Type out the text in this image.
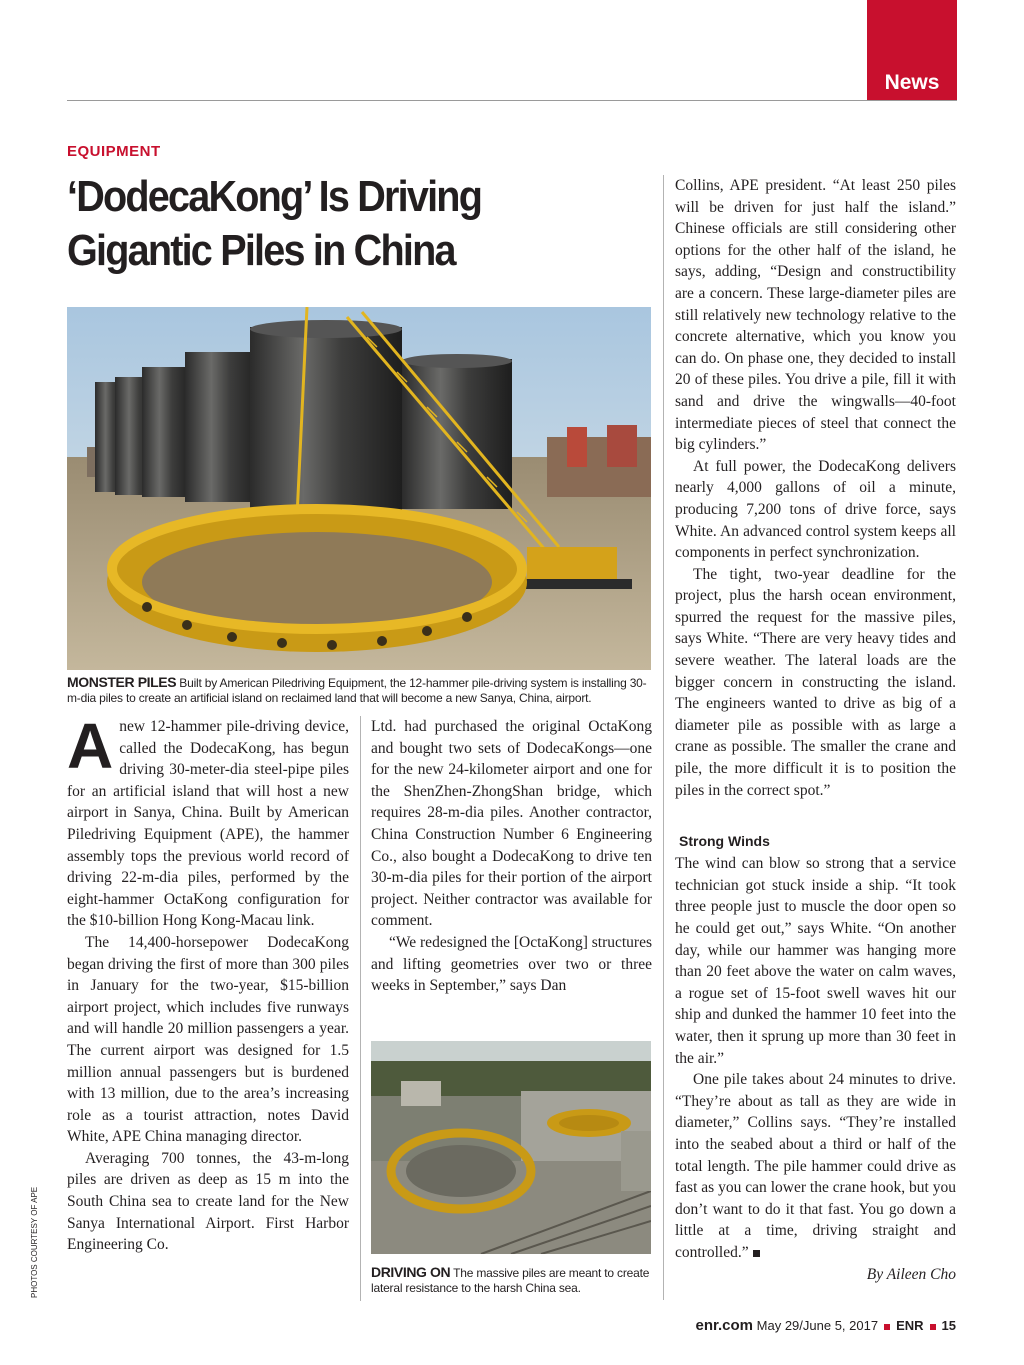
News
EQUIPMENT
‘DodecaKong’ Is Driving Gigantic Piles in China
MONSTER PILES Built by American Piledriving Equipment, the 12-hammer pile-driving system is installing 30-m-dia piles to create an artificial island on reclaimed land that will become a new Sanya, China, airport.
A new 12-hammer pile-driving device, called the DodecaKong, has begun driving 30-meter-dia steel-pipe piles for an artificial island that will host a new airport in Sanya, China. Built by American Piledriving Equipment (APE), the hammer assembly tops the previous world record of driving 22-m-dia piles, performed by the eight-hammer OctaKong configuration for the $10-billion Hong Kong-Macau link.

The 14,400-horsepower DodecaKong began driving the first of more than 300 piles in January for the two-year, $15-billion airport project, which includes five runways and will handle 20 million passengers a year. The current airport was designed for 1.5 million annual passengers but is burdened with 13 million, due to the area’s increasing role as a tourist attraction, notes David White, APE China managing director.

Averaging 700 tonnes, the 43-m-long piles are driven as deep as 15 m into the South China sea to create land for the New Sanya International Airport. First Harbor Engineering Co.

Ltd. had purchased the original OctaKong and bought two sets of DodecaKongs—one for the new 24-kilometer airport and one for the ShenZhen-ZhongShan bridge, which requires 28-m-dia piles. Another contractor, China Construction Number 6 Engineering Co., also bought a DodecaKong to drive ten 30-m-dia piles for their portion of the airport project. Neither contractor was available for comment.

“We redesigned the [OctaKong] structures and lifting geometries over two or three weeks in September,” says Dan

DRIVING ON The massive piles are meant to create lateral resistance to the harsh China sea.

Collins, APE president. “At least 250 piles will be driven for just half the island.” Chinese officials are still considering other options for the other half of the island, he says, adding, “Design and constructibility are a concern. These large-diameter piles are still relatively new technology relative to the concrete alternative, which you know you can do. On phase one, they decided to install 20 of these piles. You drive a pile, fill it with sand and drive the wingwalls—40-foot intermediate pieces of steel that connect the big cylinders.”

At full power, the DodecaKong delivers nearly 4,000 gallons of oil a minute, producing 7,200 tons of drive force, says White. An advanced control system keeps all components in perfect synchronization.

The tight, two-year deadline for the project, plus the harsh ocean environment, spurred the request for the massive piles, says White. “There are very heavy tides and severe weather. The lateral loads are the bigger concern in constructing the island. The engineers wanted to drive as big of a diameter pile as possible with as large a crane as possible. The smaller the crane and pile, the more difficult it is to position the piles in the correct spot.”

Strong Winds

The wind can blow so strong that a service technician got stuck inside a ship. “It took three people just to muscle the door open so he could get out,” says White. “On another day, while our hammer was hanging more than 20 feet above the water on calm waves, a rogue set of 15-foot swell waves hit our ship and dunked the hammer 10 feet into the water, then it sprung up more than 30 feet in the air.”

One pile takes about 24 minutes to drive. “They’re about as tall as they are wide in diameter,” Collins says. “They’re installed into the seabed about a third or half of the total length. The pile hammer could drive as fast as you can lower the crane hook, but you don’t want to do it that fast. You go down a little at a time, driving straight and controlled.”

By Aileen Cho

PHOTOS COURTESY OF APE
enr.com May 29/June 5, 2017 ENR 15
